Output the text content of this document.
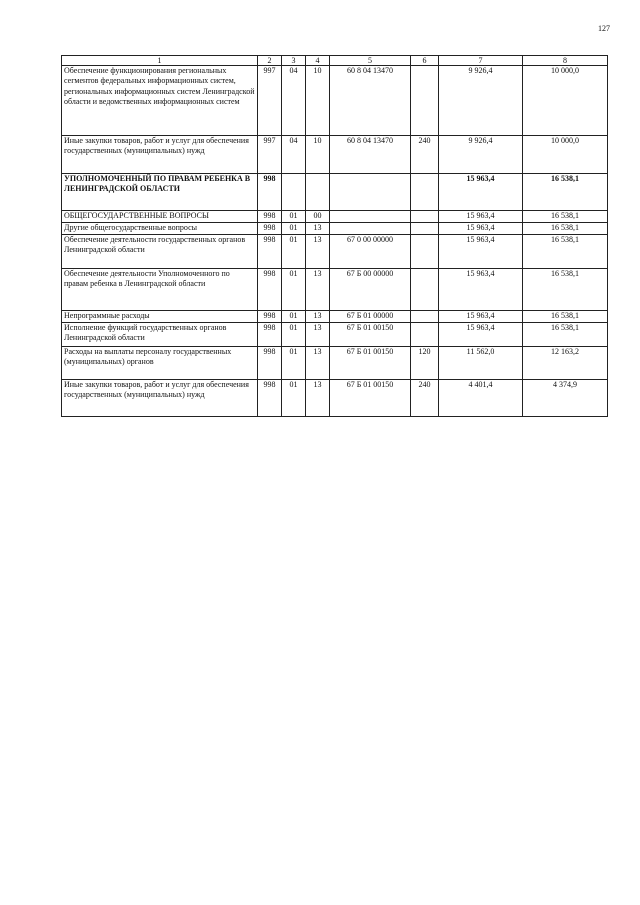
127
1	2	3	4	5	6	7	8
Обеспечение функционирования региональных сегментов федеральных информационных систем, региональных информационных систем Ленинградской области и ведомственных информационных систем	997	04	10	60 8 04 13470		9 926,4	10 000,0
Иные закупки товаров, работ и услуг для обеспечения государственных (муниципальных) нужд	997	04	10	60 8 04 13470	240	9 926,4	10 000,0
УПОЛНОМОЧЕННЫЙ ПО ПРАВАМ РЕБЕНКА В ЛЕНИНГРАДСКОЙ ОБЛАСТИ	998					15 963,4	16 538,1
ОБЩЕГОСУДАРСТВЕННЫЕ ВОПРОСЫ	998	01	00			15 963,4	16 538,1
Другие общегосударственные вопросы	998	01	13			15 963,4	16 538,1
Обеспечение деятельности государственных органов Ленинградской области	998	01	13	67 0 00 00000		15 963,4	16 538,1
Обеспечение деятельности Уполномоченного по правам ребенка в Ленинградской области	998	01	13	67 Б 00 00000		15 963,4	16 538,1
Непрограммные расходы	998	01	13	67 Б 01 00000		15 963,4	16 538,1
Исполнение функций государственных органов Ленинградской области	998	01	13	67 Б 01 00150		15 963,4	16 538,1
Расходы на выплаты персоналу государственных (муниципальных) органов	998	01	13	67 Б 01 00150	120	11 562,0	12 163,2
Иные закупки товаров, работ и услуг для обеспечения государственных (муниципальных) нужд	998	01	13	67 Б 01 00150	240	4 401,4	4 374,9
